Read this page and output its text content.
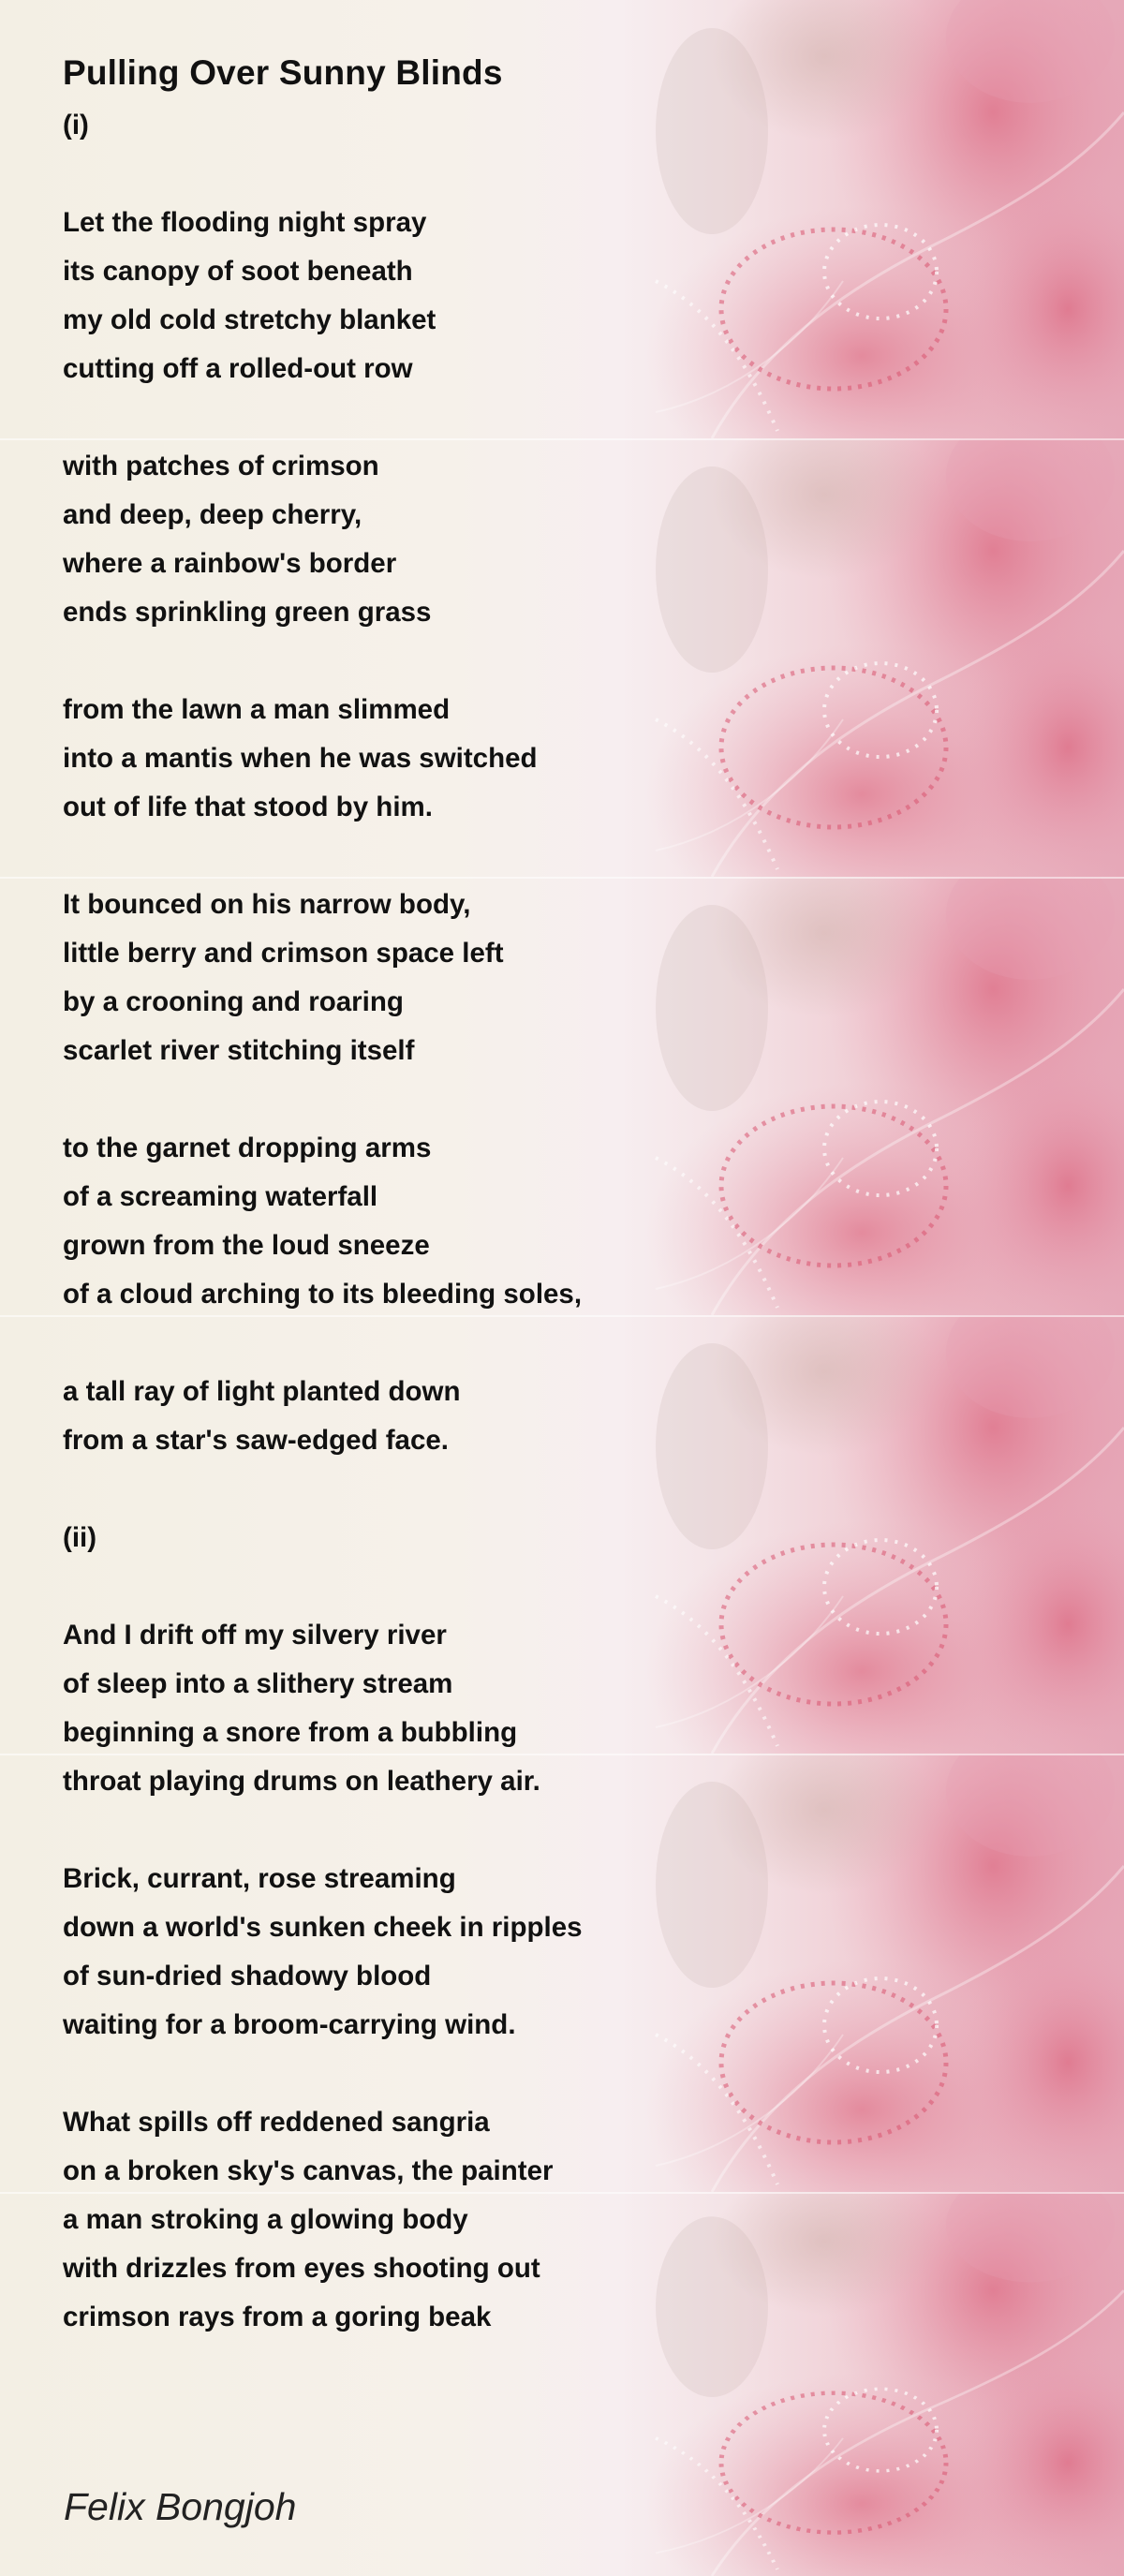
Pulling Over Sunny Blinds
(i)
Let the flooding night spray
its canopy of soot beneath
my old cold stretchy blanket
cutting off a rolled-out row
with patches of crimson
and deep, deep cherry,
where a rainbow's border
ends sprinkling green grass
from the lawn a man slimmed
into a mantis when he was switched
out of life that stood by him.
It bounced on his narrow body,
little berry and crimson space left
by a crooning and roaring
scarlet river stitching itself
to the garnet dropping arms
of a screaming waterfall
grown from the loud sneeze
of a cloud arching to its bleeding soles,
a tall ray of light planted down
from a star's saw-edged face.
(ii)
And I drift off my silvery river
of sleep into a slithery stream
beginning a snore from a bubbling
throat playing drums on leathery air.
Brick, currant, rose streaming
down a world's sunken cheek in ripples
of sun-dried shadowy blood
waiting for a broom-carrying wind.
What spills off reddened sangria
on a broken sky's canvas, the painter
a man stroking a glowing body
with drizzles from eyes shooting out
crimson rays from a goring beak
Felix Bongjoh
